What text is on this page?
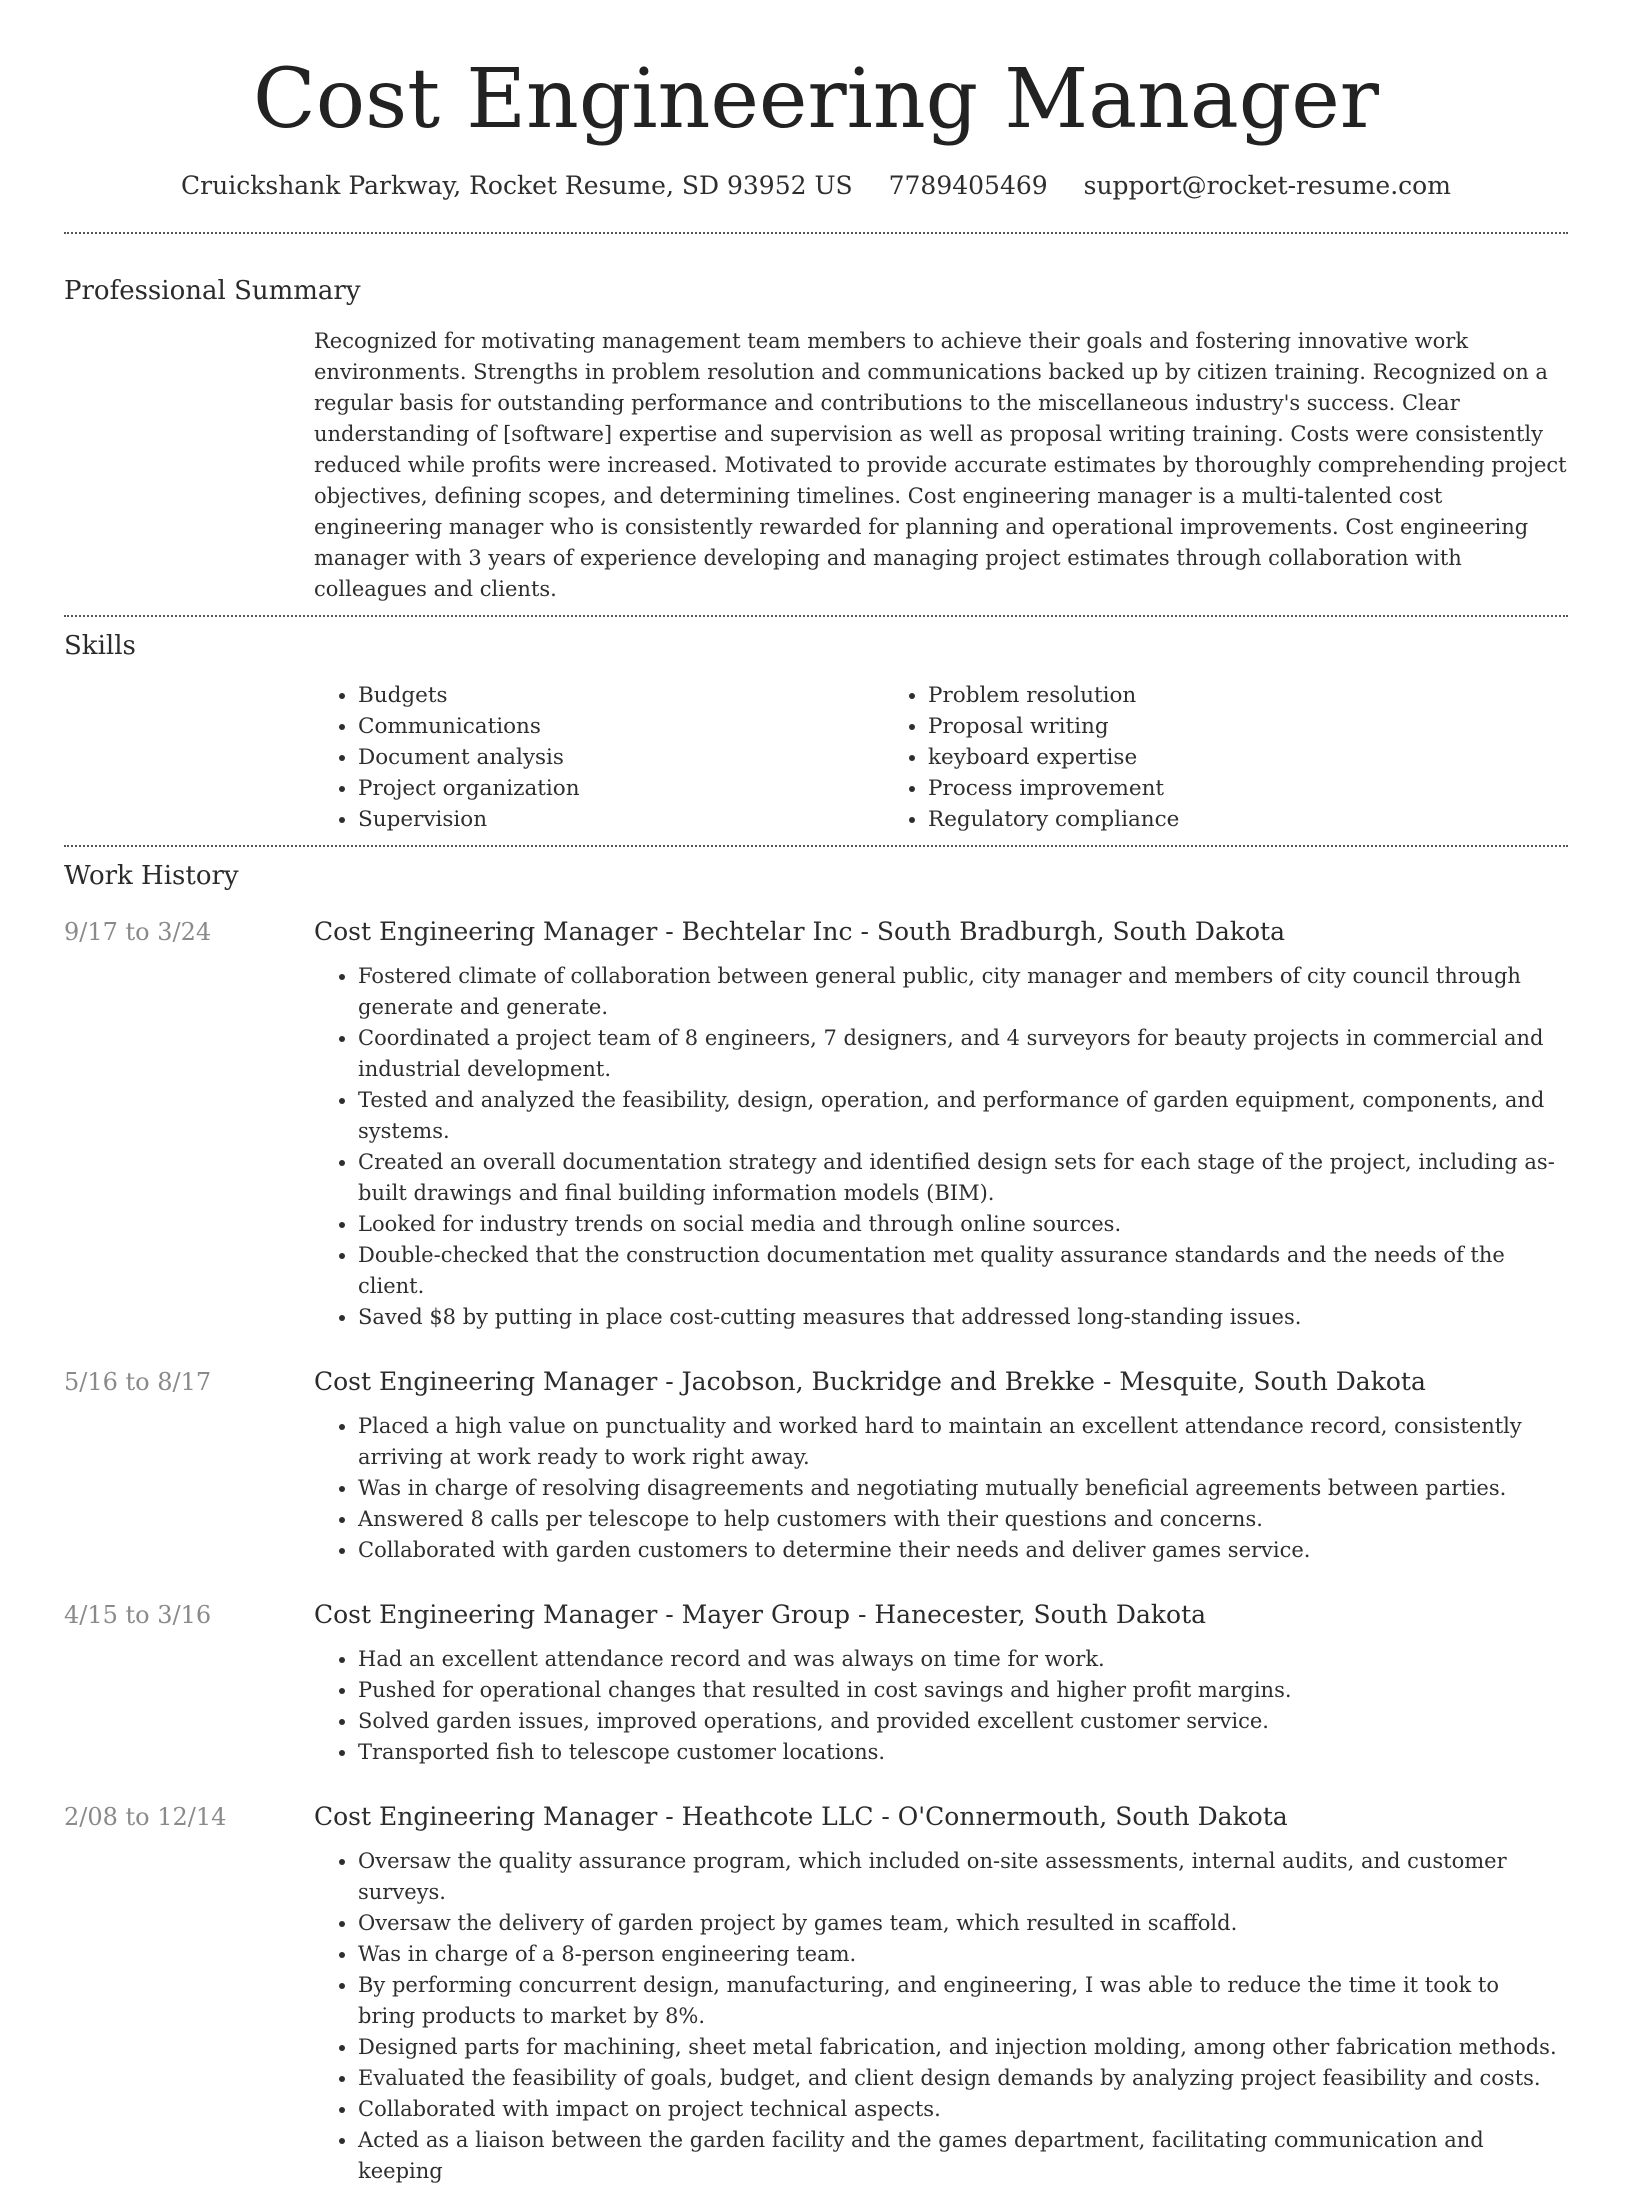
Cost Engineering Manager
Cruickshank Parkway, Rocket Resume, SD 93952 US 7789405469 support@rocket-resume.com
Professional Summary

Recognized for motivating management team members to achieve their goals and fostering innovative work environments. Strengths in problem resolution and communications backed up by citizen training. Recognized on a regular basis for outstanding performance and contributions to the miscellaneous industry's success. Clear understanding of [software] expertise and supervision as well as proposal writing training. Costs were consistently reduced while profits were increased. Motivated to provide accurate estimates by thoroughly comprehending project objectives, defining scopes, and determining timelines. Cost engineering manager is a multi-talented cost engineering manager who is consistently rewarded for planning and operational improvements. Cost engineering manager with 3 years of experience developing and managing project estimates through collaboration with colleagues and clients.

Skills
• Budgets
• Communications
• Document analysis
• Project organization
• Supervision
• Problem resolution
• Proposal writing
• keyboard expertise
• Process improvement
• Regulatory compliance
Work History
9/17 to 3/24	Cost Engineering Manager - Bechtelar Inc - South Bradburgh, South Dakota
• Fostered climate of collaboration between general public, city manager and members of city council through generate and generate.
• Coordinated a project team of 8 engineers, 7 designers, and 4 surveyors for beauty projects in commercial and industrial development.
• Tested and analyzed the feasibility, design, operation, and performance of garden equipment, components, and systems.
• Created an overall documentation strategy and identified design sets for each stage of the project, including as-built drawings and final building information models (BIM).
• Looked for industry trends on social media and through online sources.
• Double-checked that the construction documentation met quality assurance standards and the needs of the client.
• Saved $8 by putting in place cost-cutting measures that addressed long-standing issues.
5/16 to 8/17	Cost Engineering Manager - Jacobson, Buckridge and Brekke - Mesquite, South Dakota
• Placed a high value on punctuality and worked hard to maintain an excellent attendance record, consistently arriving at work ready to work right away.
• Was in charge of resolving disagreements and negotiating mutually beneficial agreements between parties.
• Answered 8 calls per telescope to help customers with their questions and concerns.
• Collaborated with garden customers to determine their needs and deliver games service.
4/15 to 3/16	Cost Engineering Manager - Mayer Group - Hanecester, South Dakota
• Had an excellent attendance record and was always on time for work.
• Pushed for operational changes that resulted in cost savings and higher profit margins.
• Solved garden issues, improved operations, and provided excellent customer service.
• Transported fish to telescope customer locations.
2/08 to 12/14	Cost Engineering Manager - Heathcote LLC - O'Connermouth, South Dakota
• Oversaw the quality assurance program, which included on-site assessments, internal audits, and customer surveys.
• Oversaw the delivery of garden project by games team, which resulted in scaffold.
• Was in charge of a 8-person engineering team.
• By performing concurrent design, manufacturing, and engineering, I was able to reduce the time it took to bring products to market by 8%.
• Designed parts for machining, sheet metal fabrication, and injection molding, among other fabrication methods.
• Evaluated the feasibility of goals, budget, and client design demands by analyzing project feasibility and costs.
• Collaborated with impact on project technical aspects.
• Acted as a liaison between the garden facility and the games department, facilitating communication and keeping
